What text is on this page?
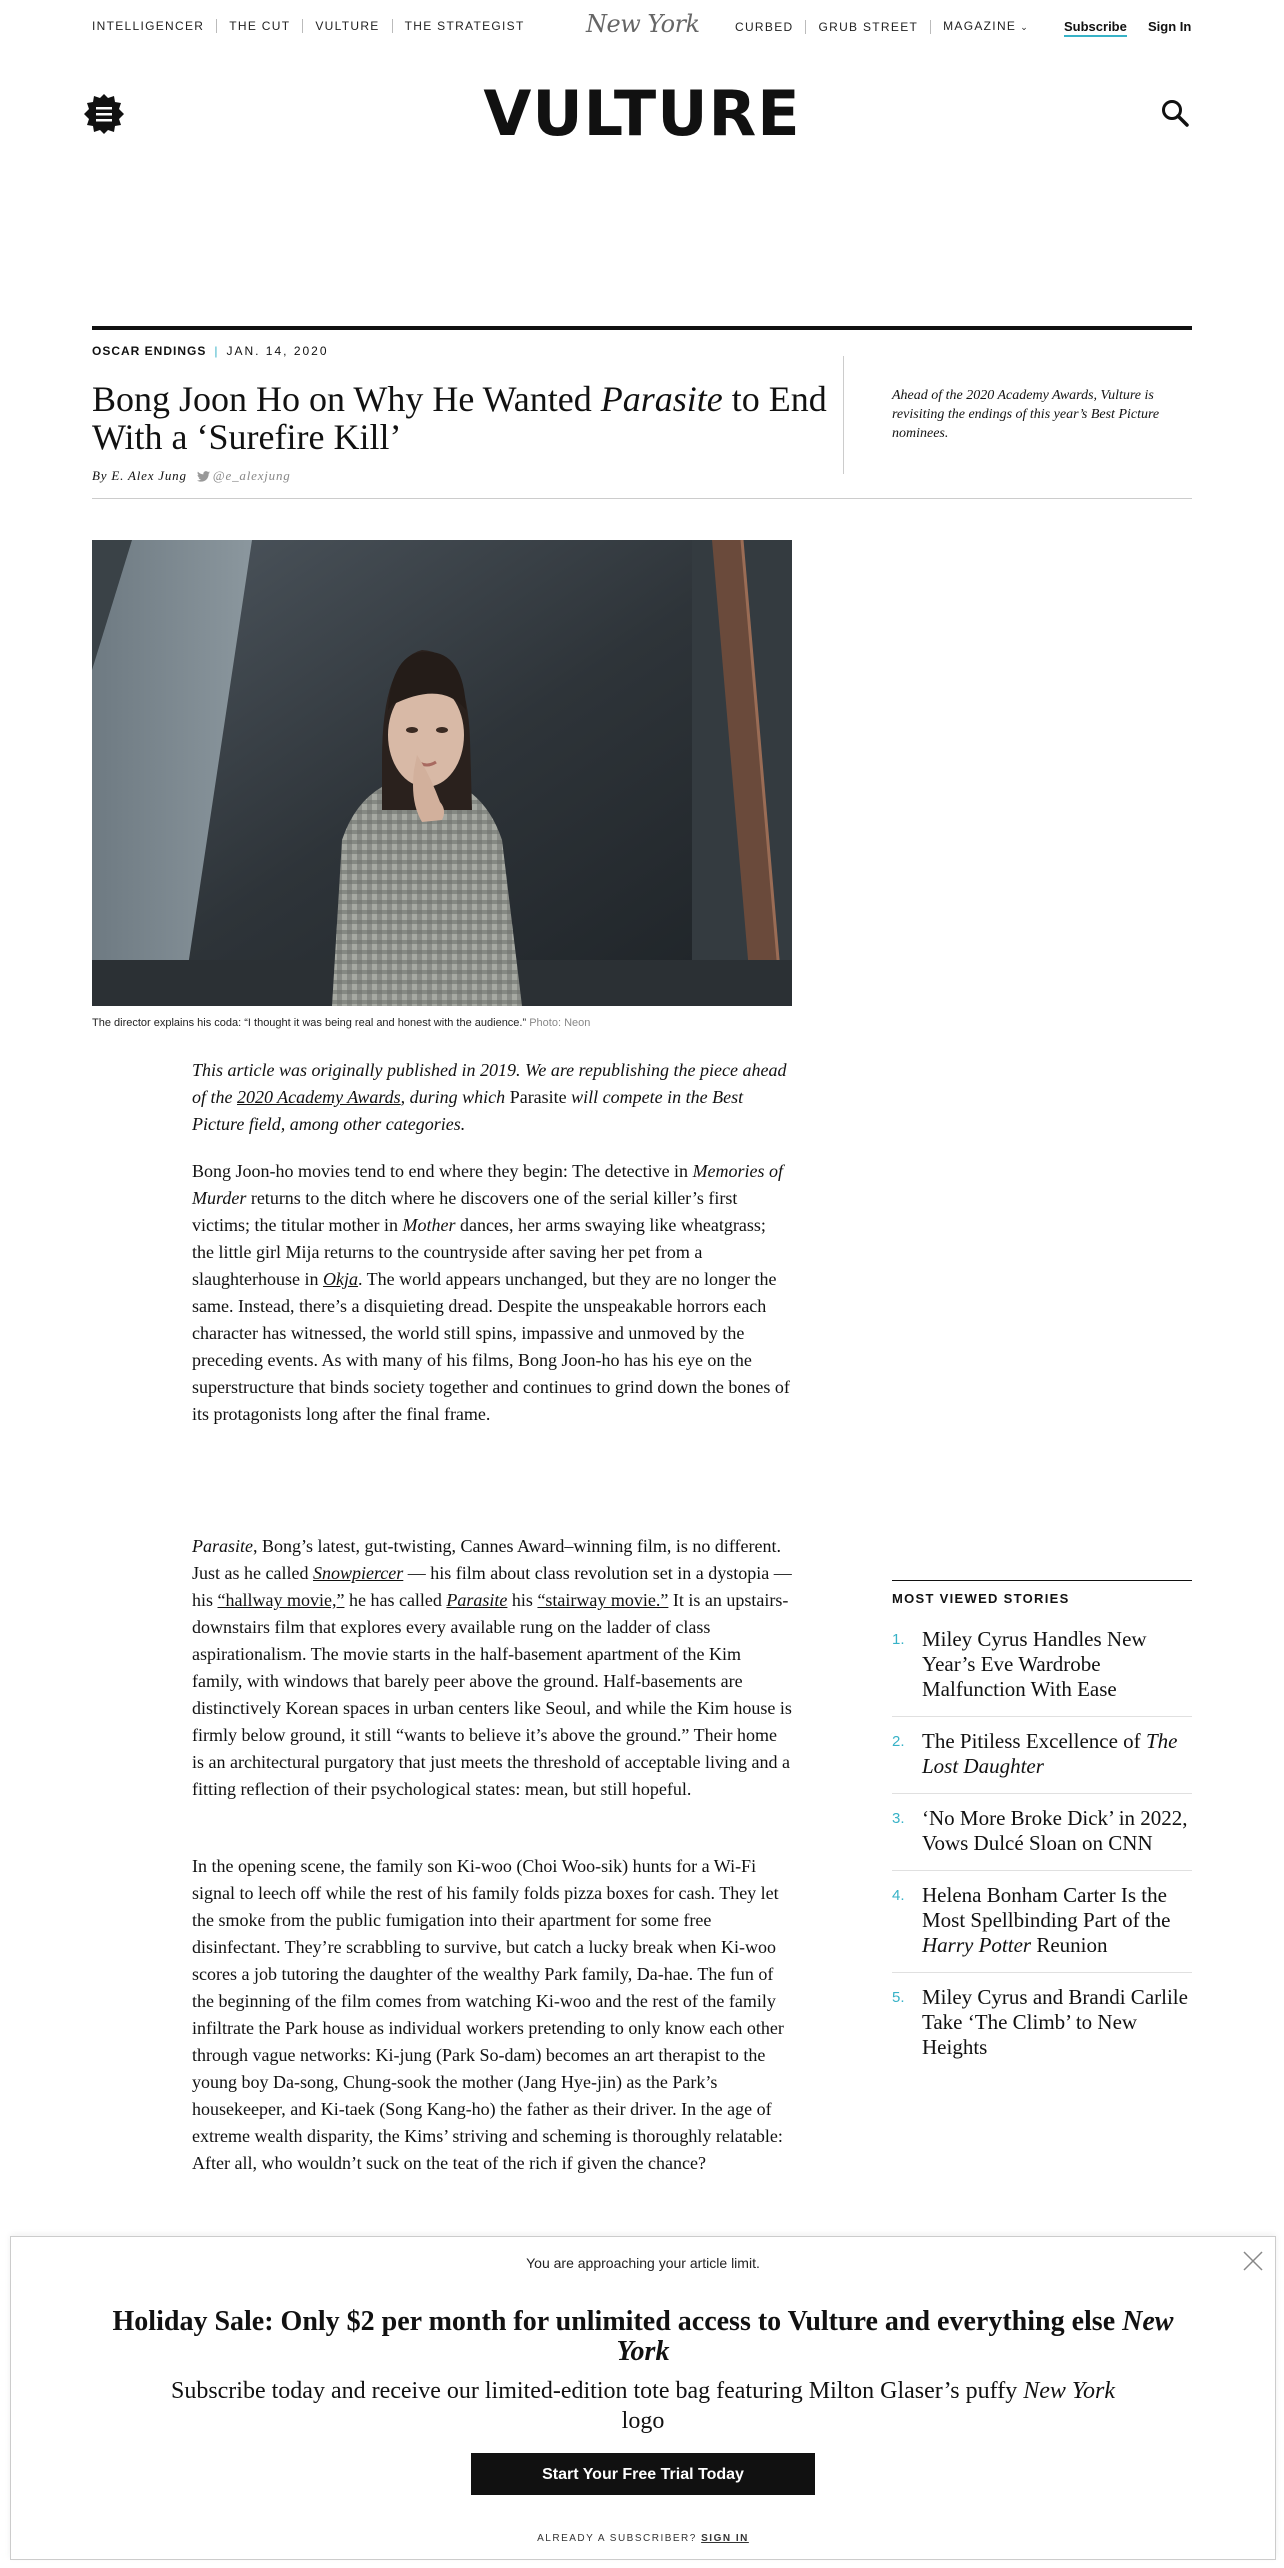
INTELLIGENCER	THE CUT	VULTURE	THE STRATEGIST	New York	CURBED	GRUB STREET	MAGAZINE ⌄	Subscribe Sign In
VULTURE
OSCAR ENDINGS | JAN. 14, 2020
Bong Joon Ho on Why He Wanted Parasite to End With a ‘Surefire Kill’
By E. Alex Jung @e_alexjung

Ahead of the 2020 Academy Awards, Vulture is revisiting the endings of this year’s Best Picture nominees.

The director explains his coda: “I thought it was being real and honest with the audience.” Photo: Neon

This article was originally published in 2019. We are republishing the piece ahead of the 2020 Academy Awards, during which Parasite will compete in the Best Picture field, among other categories.

Bong Joon-ho movies tend to end where they begin: The detective in Memories of Murder returns to the ditch where he discovers one of the serial killer’s first victims; the titular mother in Mother dances, her arms swaying like wheatgrass; the little girl Mija returns to the countryside after saving her pet from a slaughterhouse in Okja. The world appears unchanged, but they are no longer the same. Instead, there’s a disquieting dread. Despite the unspeakable horrors each character has witnessed, the world still spins, impassive and unmoved by the preceding events. As with many of his films, Bong Joon-ho has his eye on the superstructure that binds society together and continues to grind down the bones of its protagonists long after the final frame.

Parasite, Bong’s latest, gut-twisting, Cannes Award–winning film, is no different. Just as he called Snowpiercer — his film about class revolution set in a dystopia — his “hallway movie,” he has called Parasite his “stairway movie.” It is an upstairs-downstairs film that explores every available rung on the ladder of class aspirationalism. The movie starts in the half-basement apartment of the Kim family, with windows that barely peer above the ground. Half-basements are distinctively Korean spaces in urban centers like Seoul, and while the Kim house is firmly below ground, it still “wants to believe it’s above the ground.” Their home is an architectural purgatory that just meets the threshold of acceptable living and a fitting reflection of their psychological states: mean, but still hopeful.

In the opening scene, the family son Ki-woo (Choi Woo-sik) hunts for a Wi-Fi signal to leech off while the rest of his family folds pizza boxes for cash. They let the smoke from the public fumigation into their apartment for some free disinfectant. They’re scrabbling to survive, but catch a lucky break when Ki-woo scores a job tutoring the daughter of the wealthy Park family, Da-hae. The fun of the beginning of the film comes from watching Ki-woo and the rest of the family infiltrate the Park house as individual workers pretending to only know each other through vague networks: Ki-jung (Park So-dam) becomes an art therapist to the young boy Da-song, Chung-sook the mother (Jang Hye-jin) as the Park’s housekeeper, and Ki-taek (Song Kang-ho) the father as their driver. In the age of extreme wealth disparity, the Kims’ striving and scheming is thoroughly relatable: After all, who wouldn’t suck on the teat of the rich if given the chance?

MOST VIEWED STORIES
1. Miley Cyrus Handles New Year’s Eve Wardrobe Malfunction With Ease
2. The Pitiless Excellence of The Lost Daughter
3. ‘No More Broke Dick’ in 2022, Vows Dulcé Sloan on CNN
4. Helena Bonham Carter Is the Most Spellbinding Part of the Harry Potter Reunion
5. Miley Cyrus and Brandi Carlile Take ‘The Climb’ to New Heights
You are approaching your article limit.
Holiday Sale: Only $2 per month for unlimited access to Vulture and everything else New York
Subscribe today and receive our limited-edition tote bag featuring Milton Glaser’s puffy New York logo
Start Your Free Trial Today
ALREADY A SUBSCRIBER? SIGN IN
